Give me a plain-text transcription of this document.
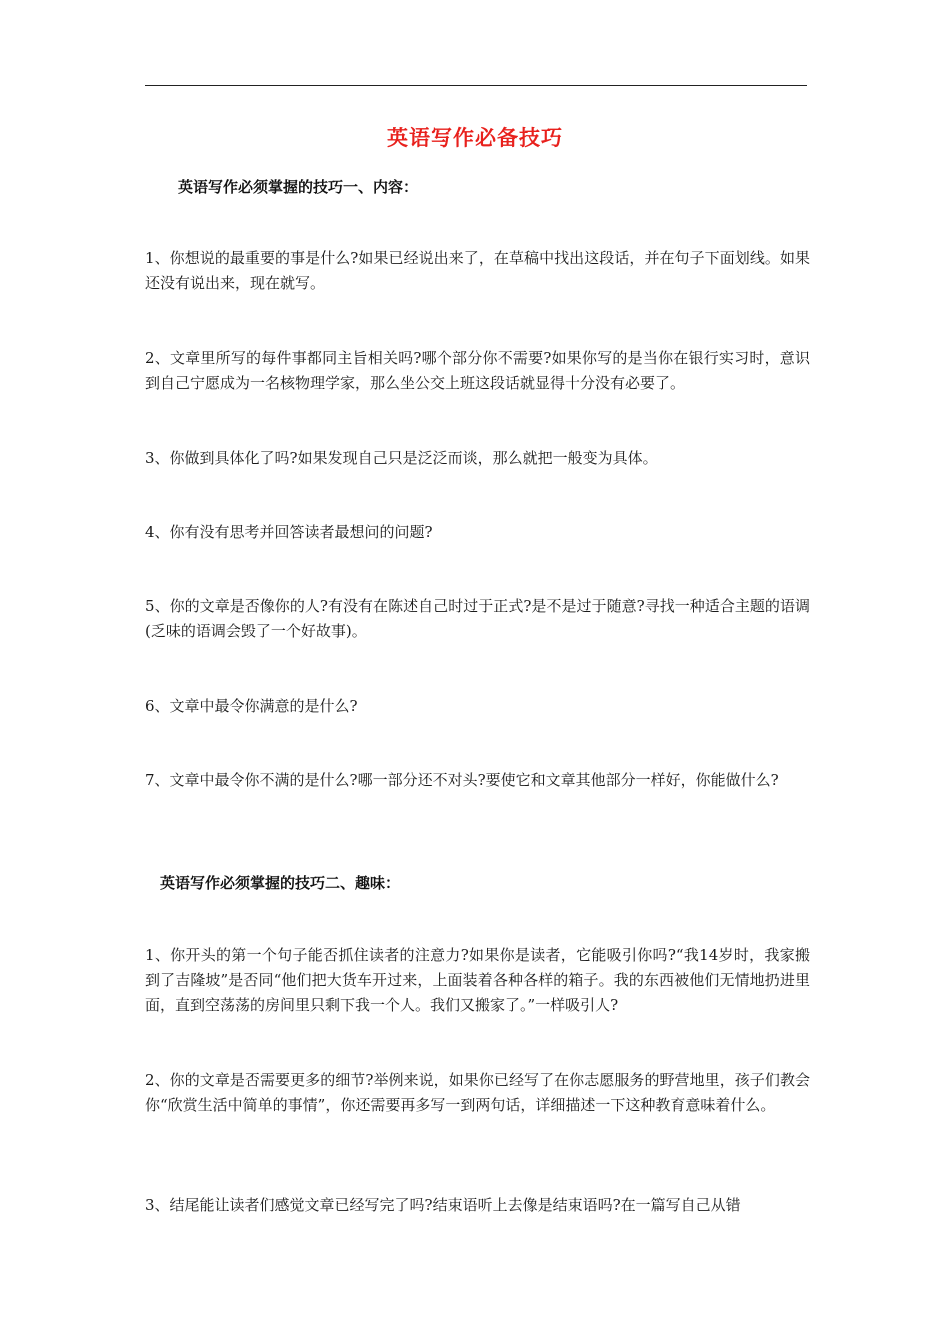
英语写作必备技巧
英语写作必须掌握的技巧一、内容：
1、你想说的最重要的事是什么?如果已经说出来了，在草稿中找出这段话，并在句子下面划线。如果还没有说出来，现在就写。
2、文章里所写的每件事都同主旨相关吗?哪个部分你不需要?如果你写的是当你在银行实习时，意识到自己宁愿成为一名核物理学家，那么坐公交上班这段话就显得十分没有必要了。
3、你做到具体化了吗?如果发现自己只是泛泛而谈，那么就把一般变为具体。
4、你有没有思考并回答读者最想问的问题?
5、你的文章是否像你的人?有没有在陈述自己时过于正式?是不是过于随意?寻找一种适合主题的语调(乏味的语调会毁了一个好故事)。
6、文章中最令你满意的是什么?
7、文章中最令你不满的是什么?哪一部分还不对头?要使它和文章其他部分一样好，你能做什么?
英语写作必须掌握的技巧二、趣味：
1、你开头的第一个句子能否抓住读者的注意力?如果你是读者，它能吸引你吗?“我14岁时，我家搬到了吉隆坡”是否同“他们把大货车开过来，上面装着各种各样的箱子。我的东西被他们无情地扔进里面，直到空荡荡的房间里只剩下我一个人。我们又搬家了。”一样吸引人?
2、你的文章是否需要更多的细节?举例来说，如果你已经写了在你志愿服务的野营地里，孩子们教会你“欣赏生活中简单的事情”，你还需要再多写一到两句话，详细描述一下这种教育意味着什么。
3、结尾能让读者们感觉文章已经写完了吗?结束语听上去像是结束语吗?在一篇写自己从错
